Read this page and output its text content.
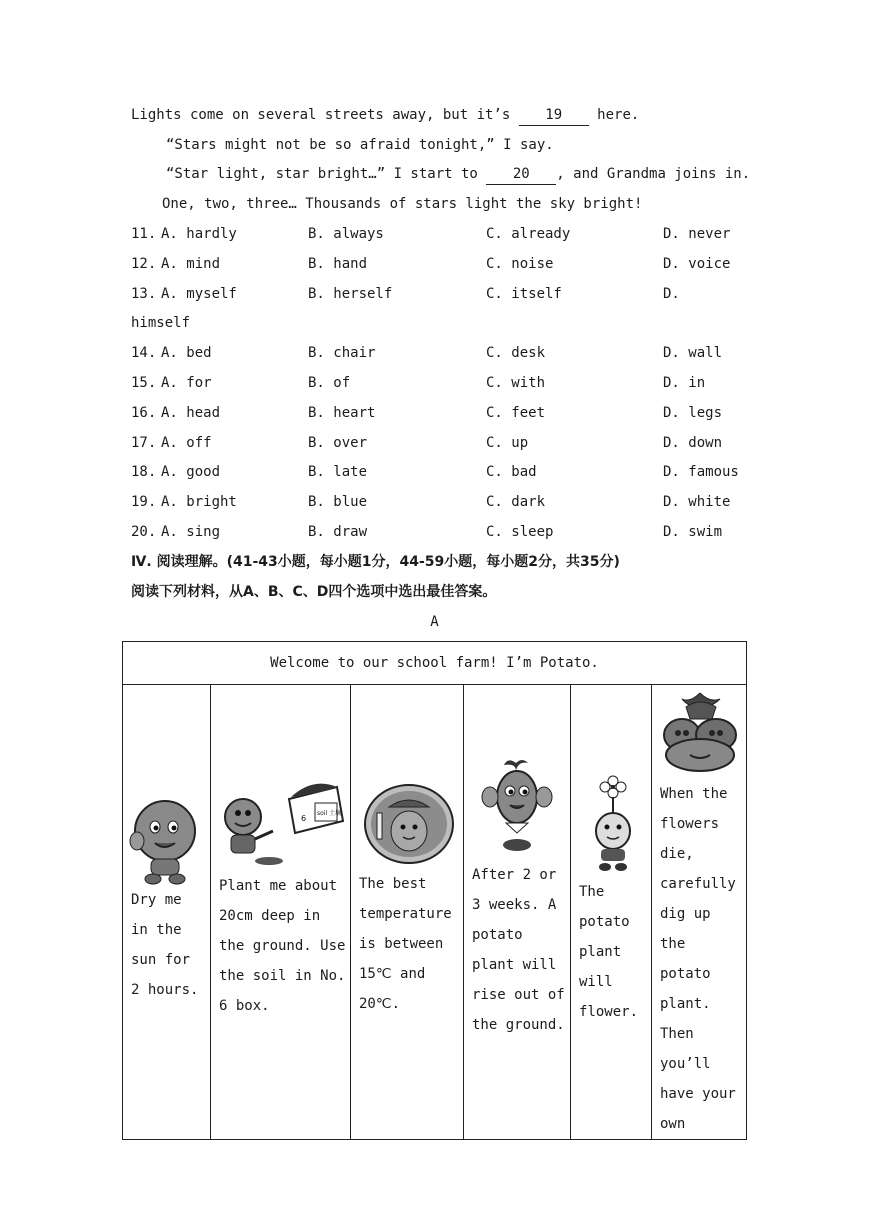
Lights come on several streets away, but it’s 19 here.
“Stars might not be so afraid tonight,” I say.
“Star light, star bright…” I start to 20 , and Grandma joins in.
One, two, three… Thousands of stars light the sky bright!
11. A. hardly	B. always	C. already	D. never
12. A. mind	B. hand	C. noise	D. voice
13. A. myself	B. herself	C. itself	D.
himself
14. A. bed	B. chair	C. desk	D. wall
15. A. for	B. of	C. with	D. in
16. A. head	B. heart	C. feet	D. legs
17. A. off	B. over	C. up	D. down
18. A. good	B. late	C. bad	D. famous
19. A. bright	B. blue	C. dark	D. white
20. A. sing	B. draw	C. sleep	D. swim
Ⅳ. 阅读理解。(41-43小题，每小题1分，44-59小题，每小题2分，共35分)
阅读下列材料，从A、B、C、D四个选项中选出最佳答案。
A
Welcome to our school farm! I’m Potato.

Dry me in the sun for 2 hours.

soil 土壤
6
Plant me about 20cm deep in the ground. Use the soil in No. 6 box.

The best temperature is between 15℃ and 20℃.

After 2 or 3 weeks. A potato plant will rise out of the ground.

The potato plant will flower.

When the flowers die, carefully dig up the potato plant. Then you’ll have your own
